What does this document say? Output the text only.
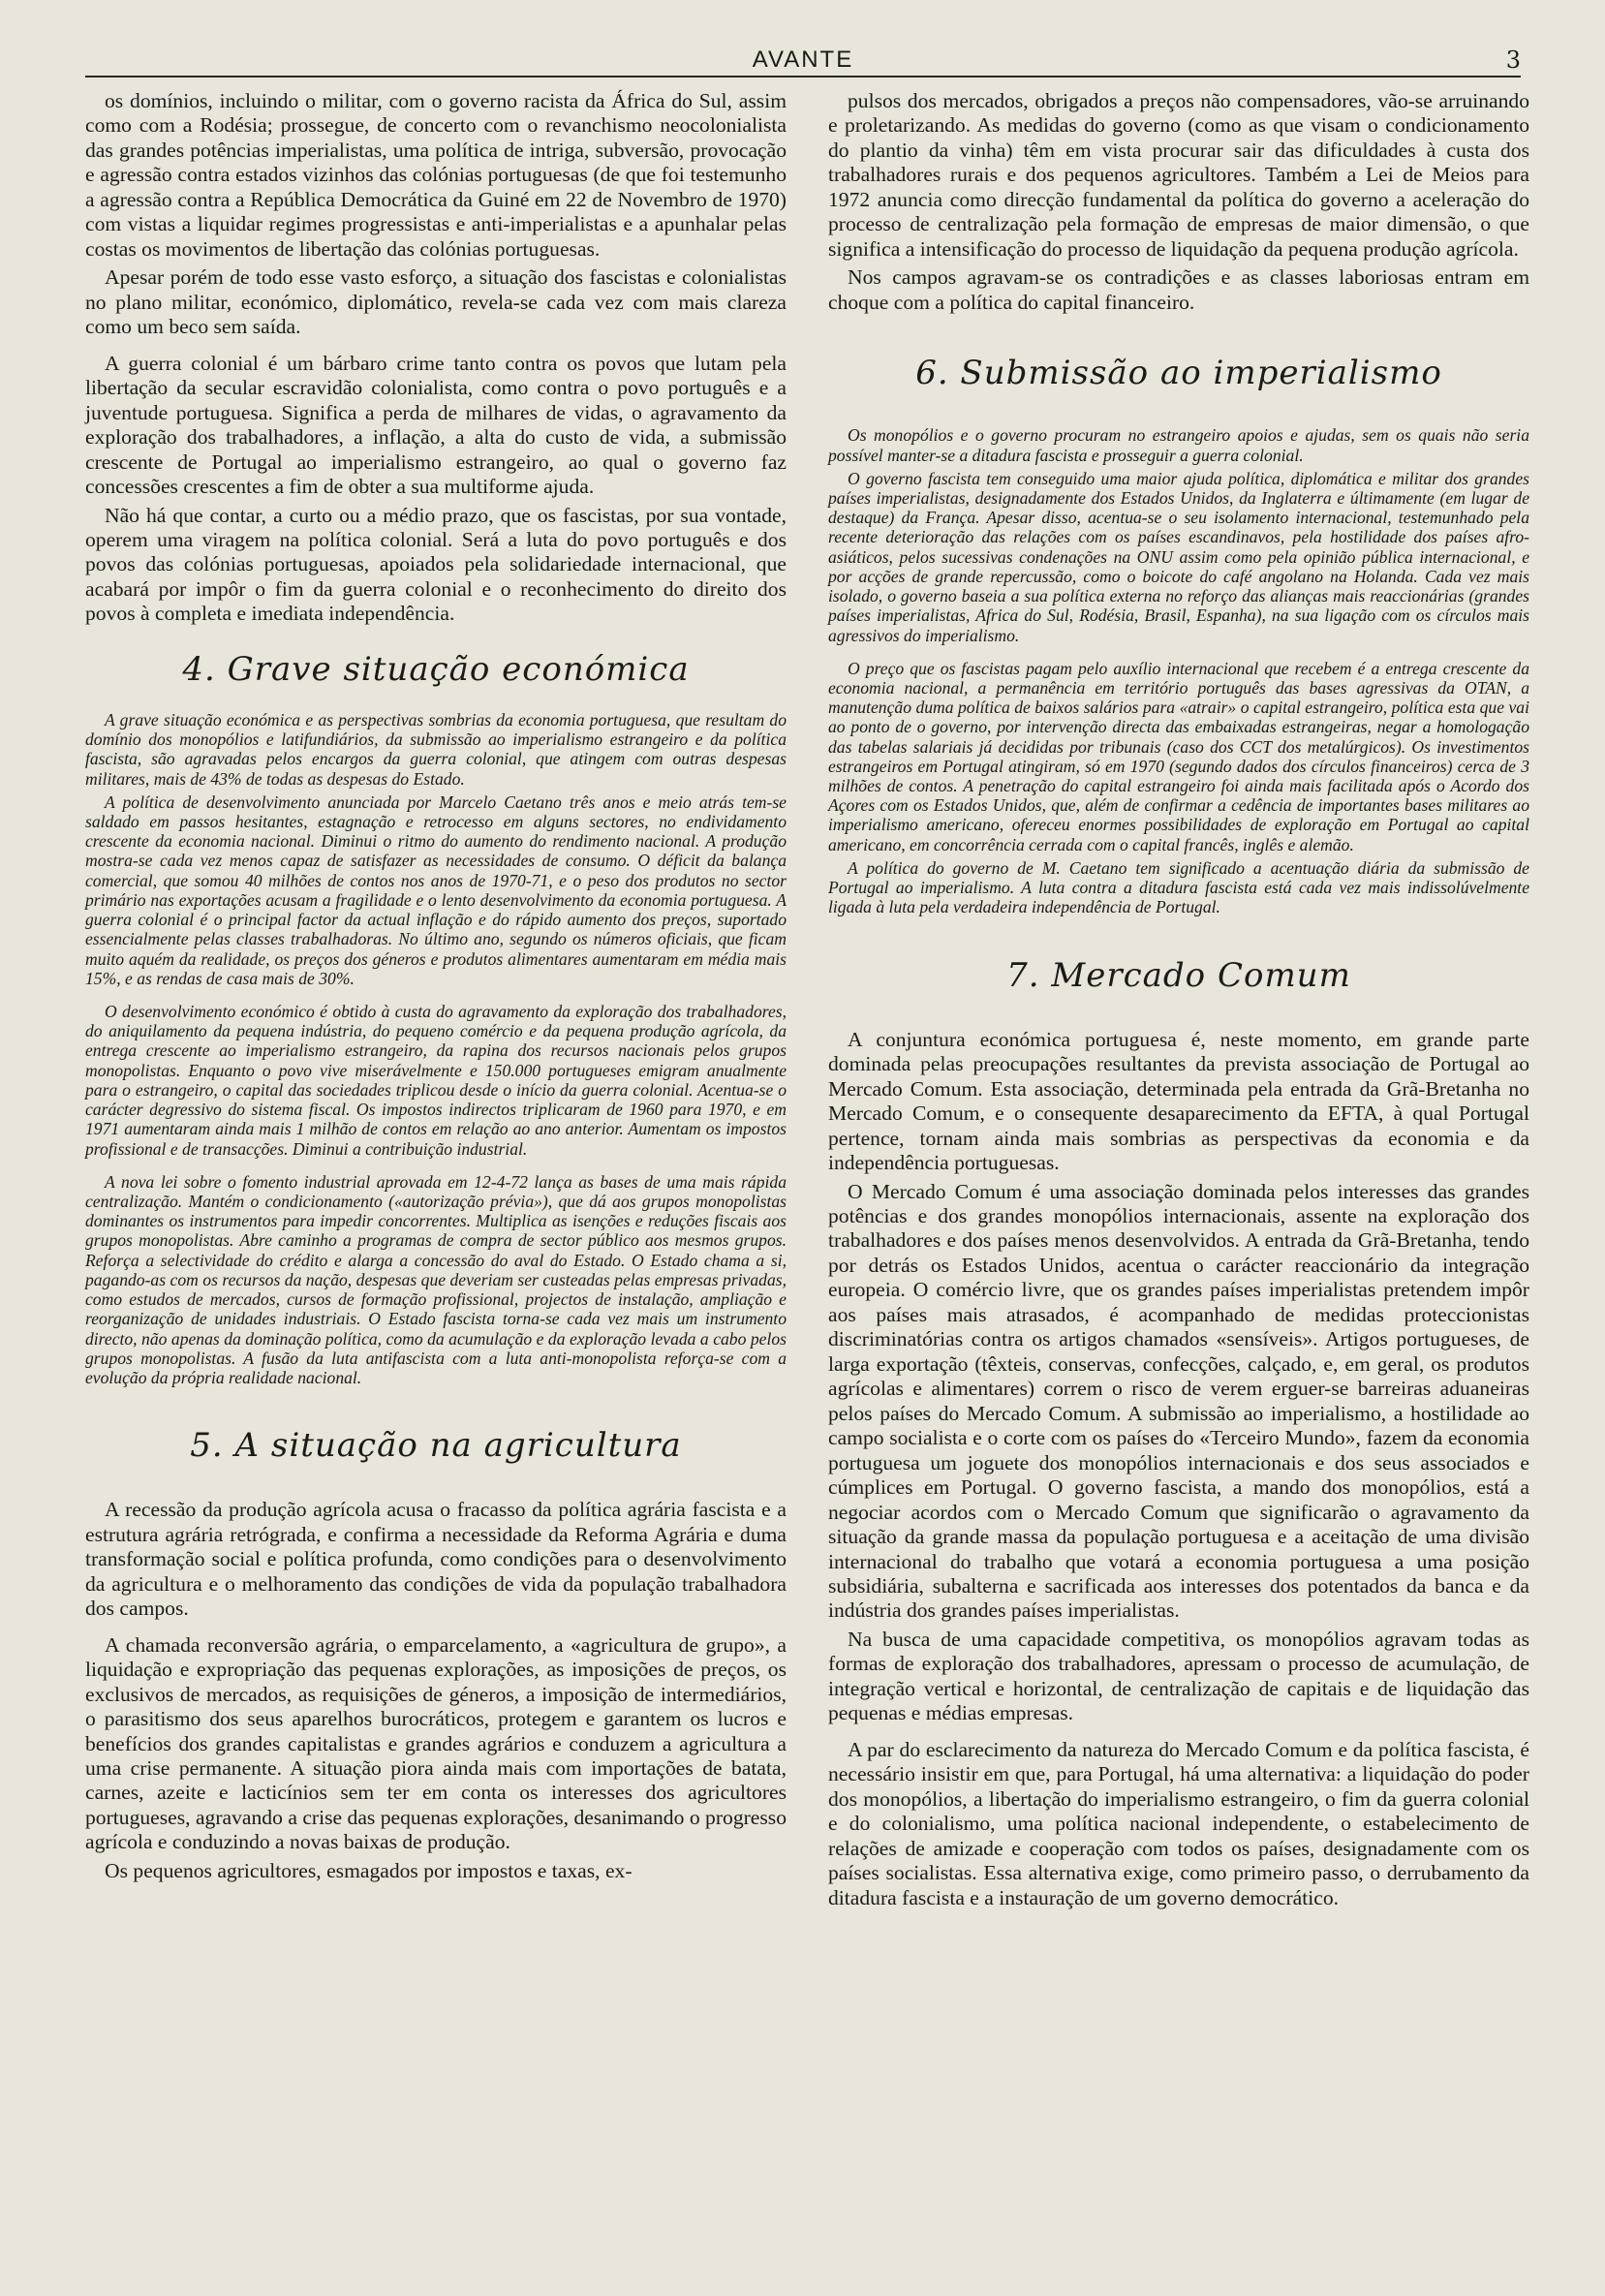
AVANTE	3

os domínios, incluindo o militar, com o governo racista da África do Sul, assim como com a Rodésia; prossegue, de concerto com o revanchismo neocolonialista das grandes potências imperialistas, uma política de intriga, subversão, provocação e agressão contra estados vizinhos das colónias portuguesas (de que foi testemunho a agressão contra a República Democrática da Guiné em 22 de Novembro de 1970) com vistas a liquidar regimes progressistas e anti-imperialistas e a apunhalar pelas costas os movimentos de libertação das colónias portuguesas.

Apesar porém de todo esse vasto esforço, a situação dos fascistas e colonialistas no plano militar, económico, diplomático, revela-se cada vez com mais clareza como um beco sem saída.

A guerra colonial é um bárbaro crime tanto contra os povos que lutam pela libertação da secular escravidão colonialista, como contra o povo português e a juventude portuguesa. Significa a perda de milhares de vidas, o agravamento da exploração dos trabalhadores, a inflação, a alta do custo de vida, a submissão crescente de Portugal ao imperialismo estrangeiro, ao qual o governo faz concessões crescentes a fim de obter a sua multiforme ajuda.

Não há que contar, a curto ou a médio prazo, que os fascistas, por sua vontade, operem uma viragem na política colonial. Será a luta do povo português e dos povos das colónias portuguesas, apoiados pela solidariedade internacional, que acabará por impôr o fim da guerra colonial e o reconhecimento do direito dos povos à completa e imediata independência.

4. Grave situação económica

A grave situação económica e as perspectivas sombrias da economia portuguesa, que resultam do domínio dos monopólios e latifundiários, da submissão ao imperialismo estrangeiro e da política fascista, são agravadas pelos encargos da guerra colonial, que atingem com outras despesas militares, mais de 43% de todas as despesas do Estado.

A política de desenvolvimento anunciada por Marcelo Caetano três anos e meio atrás tem-se saldado em passos hesitantes, estagnação e retrocesso em alguns sectores, no endividamento crescente da economia nacional. Diminui o ritmo do aumento do rendimento nacional. A produção mostra-se cada vez menos capaz de satisfazer as necessidades de consumo. O déficit da balança comercial, que somou 40 milhões de contos nos anos de 1970-71, e o peso dos produtos no sector primário nas exportações acusam a fragilidade e o lento desenvolvimento da economia portuguesa. A guerra colonial é o principal factor da actual inflação e do rápido aumento dos preços, suportado essencialmente pelas classes trabalhadoras. No último ano, segundo os números oficiais, que ficam muito aquém da realidade, os preços dos géneros e produtos alimentares aumentaram em média mais 15%, e as rendas de casa mais de 30%.

O desenvolvimento económico é obtido à custa do agravamento da exploração dos trabalhadores, do aniquilamento da pequena indústria, do pequeno comércio e da pequena produção agrícola, da entrega crescente ao imperialismo estrangeiro, da rapina dos recursos nacionais pelos grupos monopolistas. Enquanto o povo vive miserávelmente e 150.000 portugueses emigram anualmente para o estrangeiro, o capital das sociedades triplicou desde o início da guerra colonial. Acentua-se o carácter degressivo do sistema fiscal. Os impostos indirectos triplicaram de 1960 para 1970, e em 1971 aumentaram ainda mais 1 milhão de contos em relação ao ano anterior. Aumentam os impostos profissional e de transacções. Diminui a contribuição industrial.

A nova lei sobre o fomento industrial aprovada em 12-4-72 lança as bases de uma mais rápida centralização. Mantém o condicionamento («autorização prévia»), que dá aos grupos monopolistas dominantes os instrumentos para impedir concorrentes. Multiplica as isenções e reduções fiscais aos grupos monopolistas. Abre caminho a programas de compra de sector público aos mesmos grupos. Reforça a selectividade do crédito e alarga a concessão do aval do Estado. O Estado chama a si, pagando-as com os recursos da nação, despesas que deveriam ser custeadas pelas empresas privadas, como estudos de mercados, cursos de formação profissional, projectos de instalação, ampliação e reorganização de unidades industriais. O Estado fascista torna-se cada vez mais um instrumento directo, não apenas da dominação política, como da acumulação e da exploração levada a cabo pelos grupos monopolistas. A fusão da luta antifascista com a luta anti-monopolista reforça-se com a evolução da própria realidade nacional.

5. A situação na agricultura

A recessão da produção agrícola acusa o fracasso da política agrária fascista e a estrutura agrária retrógrada, e confirma a necessidade da Reforma Agrária e duma transformação social e política profunda, como condições para o desenvolvimento da agricultura e o melhoramento das condições de vida da população trabalhadora dos campos.

A chamada reconversão agrária, o emparcelamento, a «agricultura de grupo», a liquidação e expropriação das pequenas explorações, as imposições de preços, os exclusivos de mercados, as requisições de géneros, a imposição de intermediários, o parasitismo dos seus aparelhos burocráticos, protegem e garantem os lucros e benefícios dos grandes capitalistas e grandes agrários e conduzem a agricultura a uma crise permanente. A situação piora ainda mais com importações de batata, carnes, azeite e lacticínios sem ter em conta os interesses dos agricultores portugueses, agravando a crise das pequenas explorações, desanimando o progresso agrícola e conduzindo a novas baixas de produção.

Os pequenos agricultores, esmagados por impostos e taxas, ex-

pulsos dos mercados, obrigados a preços não compensadores, vão-se arruinando e proletarizando. As medidas do governo (como as que visam o condicionamento do plantio da vinha) têm em vista procurar sair das dificuldades à custa dos trabalhadores rurais e dos pequenos agricultores. Também a Lei de Meios para 1972 anuncia como direcção fundamental da política do governo a aceleração do processo de centralização pela formação de empresas de maior dimensão, o que significa a intensificação do processo de liquidação da pequena produção agrícola.

Nos campos agravam-se os contradições e as classes laboriosas entram em choque com a política do capital financeiro.

6. Submissão ao imperialismo

Os monopólios e o governo procuram no estrangeiro apoios e ajudas, sem os quais não seria possível manter-se a ditadura fascista e prosseguir a guerra colonial.

O governo fascista tem conseguido uma maior ajuda política, diplomática e militar dos grandes países imperialistas, designadamente dos Estados Unidos, da Inglaterra e últimamente (em lugar de destaque) da França. Apesar disso, acentua-se o seu isolamento internacional, testemunhado pela recente deterioração das relações com os países escandinavos, pela hostilidade dos países afro-asiáticos, pelos sucessivas condenações na ONU assim como pela opinião pública internacional, e por acções de grande repercussão, como o boicote do café angolano na Holanda. Cada vez mais isolado, o governo baseia a sua política externa no reforço das alianças mais reaccionárias (grandes países imperialistas, Africa do Sul, Rodésia, Brasil, Espanha), na sua ligação com os círculos mais agressivos do imperialismo.

O preço que os fascistas pagam pelo auxílio internacional que recebem é a entrega crescente da economia nacional, a permanência em território português das bases agressivas da OTAN, a manutenção duma política de baixos salários para «atrair» o capital estrangeiro, política esta que vai ao ponto de o governo, por intervenção directa das embaixadas estrangeiras, negar a homologação das tabelas salariais já decididas por tribunais (caso dos CCT dos metalúrgicos). Os investimentos estrangeiros em Portugal atingiram, só em 1970 (segundo dados dos círculos financeiros) cerca de 3 milhões de contos. A penetração do capital estrangeiro foi ainda mais facilitada após o Acordo dos Açores com os Estados Unidos, que, além de confirmar a cedência de importantes bases militares ao imperialismo americano, ofereceu enormes possibilidades de exploração em Portugal ao capital americano, em concorrência cerrada com o capital francês, inglês e alemão.

A política do governo de M. Caetano tem significado a acentuação diária da submissão de Portugal ao imperialismo. A luta contra a ditadura fascista está cada vez mais indissolúvelmente ligada à luta pela verdadeira independência de Portugal.

7. Mercado Comum

A conjuntura económica portuguesa é, neste momento, em grande parte dominada pelas preocupações resultantes da prevista associação de Portugal ao Mercado Comum. Esta associação, determinada pela entrada da Grã-Bretanha no Mercado Comum, e o consequente desaparecimento da EFTA, à qual Portugal pertence, tornam ainda mais sombrias as perspectivas da economia e da independência portuguesas.

O Mercado Comum é uma associação dominada pelos interesses das grandes potências e dos grandes monopólios internacionais, assente na exploração dos trabalhadores e dos países menos desenvolvidos. A entrada da Grã-Bretanha, tendo por detrás os Estados Unidos, acentua o carácter reaccionário da integração europeia. O comércio livre, que os grandes países imperialistas pretendem impôr aos países mais atrasados, é acompanhado de medidas proteccionistas discriminatórias contra os artigos chamados «sensíveis». Artigos portugueses, de larga exportação (têxteis, conservas, confecções, calçado, e, em geral, os produtos agrícolas e alimentares) correm o risco de verem erguer-se barreiras aduaneiras pelos países do Mercado Comum. A submissão ao imperialismo, a hostilidade ao campo socialista e o corte com os países do «Terceiro Mundo», fazem da economia portuguesa um joguete dos monopólios internacionais e dos seus associados e cúmplices em Portugal. O governo fascista, a mando dos monopólios, está a negociar acordos com o Mercado Comum que significarão o agravamento da situação da grande massa da população portuguesa e a aceitação de uma divisão internacional do trabalho que votará a economia portuguesa a uma posição subsidiária, subalterna e sacrificada aos interesses dos potentados da banca e da indústria dos grandes países imperialistas.

Na busca de uma capacidade competitiva, os monopólios agravam todas as formas de exploração dos trabalhadores, apressam o processo de acumulação, de integração vertical e horizontal, de centralização de capitais e de liquidação das pequenas e médias empresas.

A par do esclarecimento da natureza do Mercado Comum e da política fascista, é necessário insistir em que, para Portugal, há uma alternativa: a liquidação do poder dos monopólios, a libertação do imperialismo estrangeiro, o fim da guerra colonial e do colonialismo, uma política nacional independente, o estabelecimento de relações de amizade e cooperação com todos os países, designadamente com os países socialistas. Essa alternativa exige, como primeiro passo, o derrubamento da ditadura fascista e a instauração de um governo democrático.
